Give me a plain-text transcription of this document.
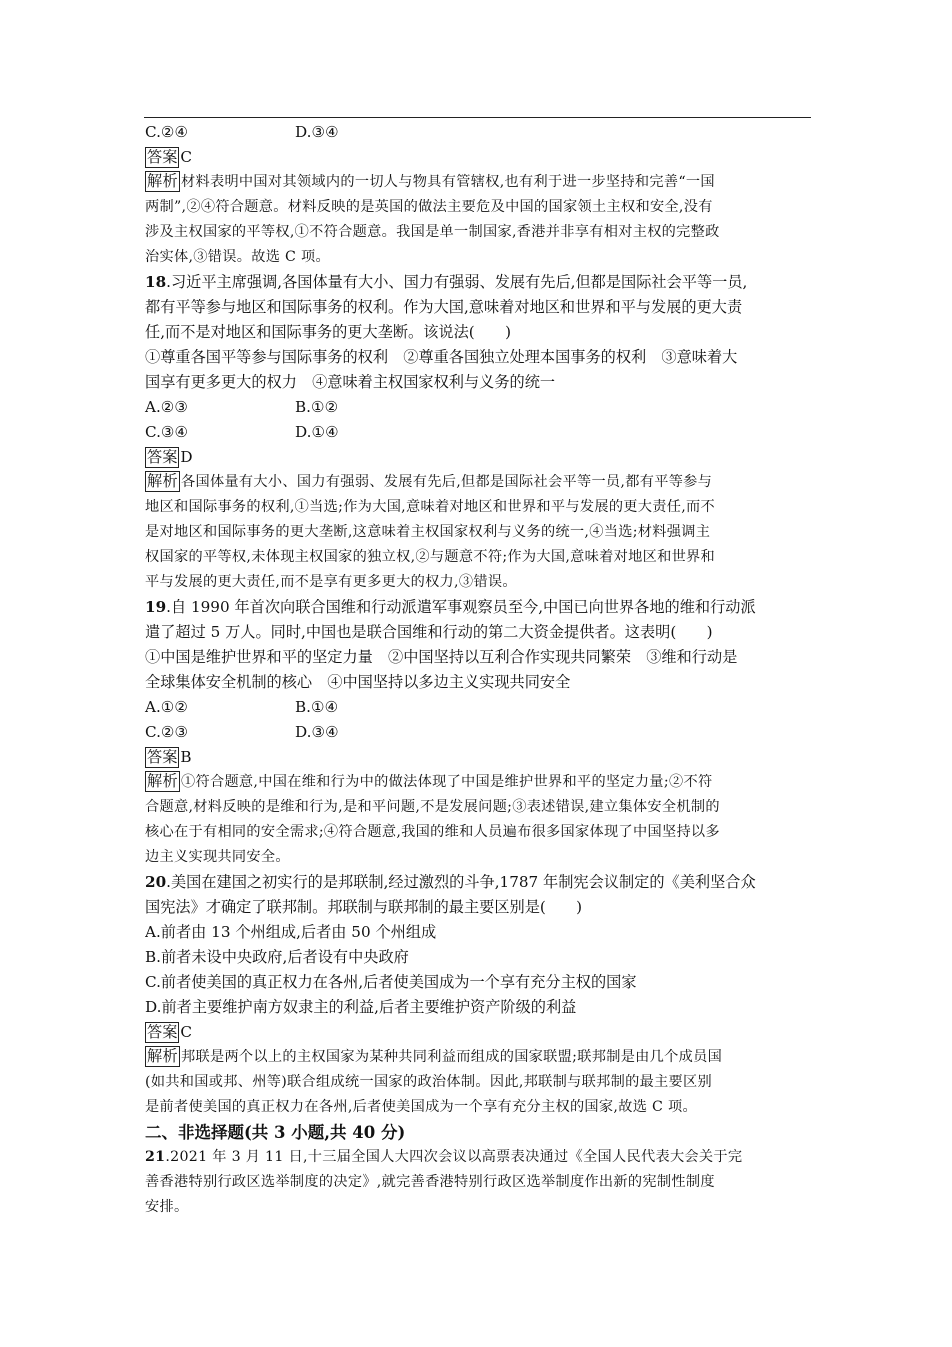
C.②④	D.③④
答案 C
解析 材料表明中国对其领域内的一切人与物具有管辖权,也有利于进一步坚持和完善“一国
两制”,②④符合题意。材料反映的是英国的做法主要危及中国的国家领土主权和安全,没有
涉及主权国家的平等权,①不符合题意。我国是单一制国家,香港并非享有相对主权的完整政
治实体,③错误。故选 C 项。
18.习近平主席强调,各国体量有大小、国力有强弱、发展有先后,但都是国际社会平等一员,
都有平等参与地区和国际事务的权利。作为大国,意味着对地区和世界和平与发展的更大责
任,而不是对地区和国际事务的更大垄断。该说法(　　)
①尊重各国平等参与国际事务的权利　②尊重各国独立处理本国事务的权利　③意味着大
国享有更多更大的权力　④意味着主权国家权利与义务的统一
A.②③	B.①②
C.③④	D.①④
答案 D
解析 各国体量有大小、国力有强弱、发展有先后,但都是国际社会平等一员,都有平等参与
地区和国际事务的权利,①当选;作为大国,意味着对地区和世界和平与发展的更大责任,而不
是对地区和国际事务的更大垄断,这意味着主权国家权利与义务的统一,④当选;材料强调主
权国家的平等权,未体现主权国家的独立权,②与题意不符;作为大国,意味着对地区和世界和
平与发展的更大责任,而不是享有更多更大的权力,③错误。
19.自 1990 年首次向联合国维和行动派遣军事观察员至今,中国已向世界各地的维和行动派
遣了超过 5 万人。同时,中国也是联合国维和行动的第二大资金提供者。这表明(　　)
①中国是维护世界和平的坚定力量　②中国坚持以互利合作实现共同繁荣　③维和行动是
全球集体安全机制的核心　④中国坚持以多边主义实现共同安全
A.①②	B.①④
C.②③	D.③④
答案 B
解析 ①符合题意,中国在维和行为中的做法体现了中国是维护世界和平的坚定力量;②不符
合题意,材料反映的是维和行为,是和平问题,不是发展问题;③表述错误,建立集体安全机制的
核心在于有相同的安全需求;④符合题意,我国的维和人员遍布很多国家体现了中国坚持以多
边主义实现共同安全。
20.美国在建国之初实行的是邦联制,经过激烈的斗争,1787 年制宪会议制定的《美利坚合众
国宪法》才确定了联邦制。邦联制与联邦制的最主要区别是(　　)
A.前者由 13 个州组成,后者由 50 个州组成
B.前者未设中央政府,后者设有中央政府
C.前者使美国的真正权力在各州,后者使美国成为一个享有充分主权的国家
D.前者主要维护南方奴隶主的利益,后者主要维护资产阶级的利益
答案 C
解析 邦联是两个以上的主权国家为某种共同利益而组成的国家联盟;联邦制是由几个成员国
(如共和国或邦、州等)联合组成统一国家的政治体制。因此,邦联制与联邦制的最主要区别
是前者使美国的真正权力在各州,后者使美国成为一个享有充分主权的国家,故选 C 项。
二、非选择题(共 3 小题,共 40 分)
21.2021 年 3 月 11 日,十三届全国人大四次会议以高票表决通过《全国人民代表大会关于完
善香港特别行政区选举制度的决定》,就完善香港特别行政区选举制度作出新的宪制性制度
安排。
